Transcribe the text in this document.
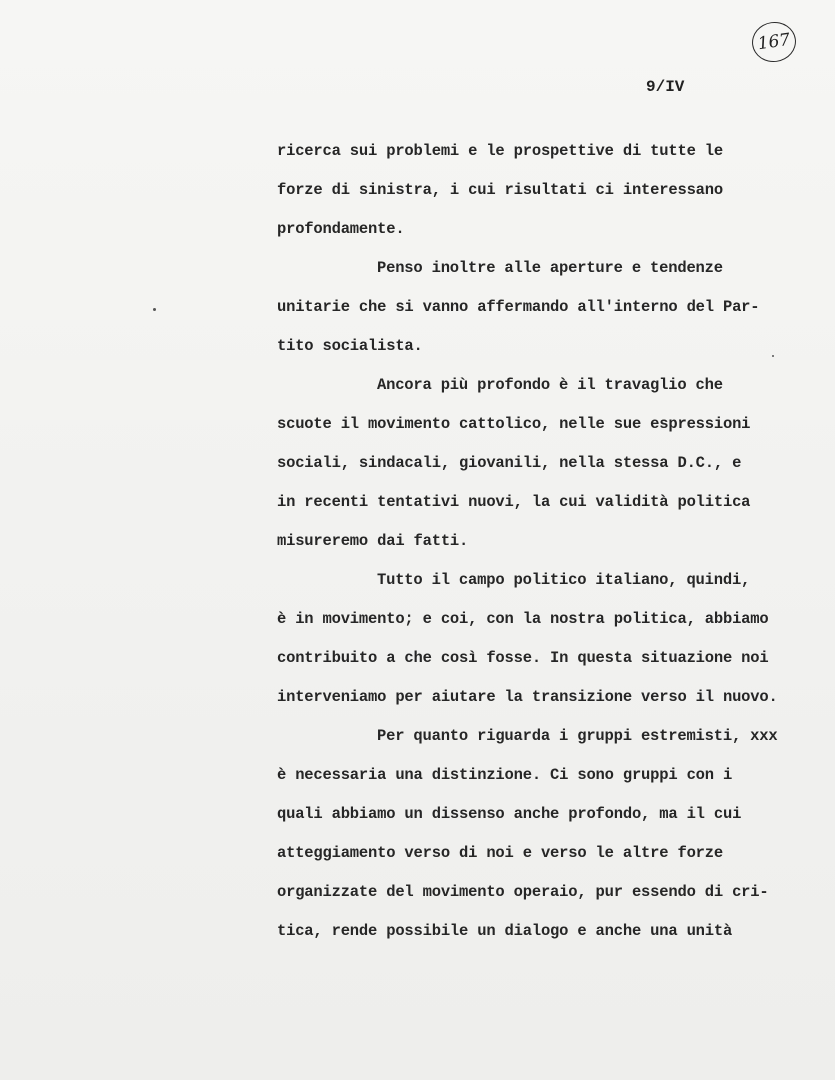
167
9/IV
ricerca sui problemi e le prospettive di tutte le
forze di sinistra, i cui risultati ci interessano
profondamente.
Penso inoltre alle aperture e tendenze
unitarie che si vanno affermando all'interno del Par-
tito socialista.
Ancora più profondo è il travaglio che
scuote il movimento cattolico, nelle sue espressioni
sociali, sindacali, giovanili, nella stessa D.C., e
in recenti tentativi nuovi, la cui validità politica
misureremo dai fatti.
Tutto il campo politico italiano, quindi,
è in movimento; e coi, con la nostra politica, abbiamo
contribuito a che così fosse. In questa situazione noi
interveniamo per aiutare la transizione verso il nuovo.
Per quanto riguarda i gruppi estremisti, xxx
è necessaria una distinzione. Ci sono gruppi con i
quali abbiamo un dissenso anche profondo, ma il cui
atteggiamento verso di noi e verso le altre forze
organizzate del movimento operaio, pur essendo di cri-
tica, rende possibile un dialogo e anche una unità
